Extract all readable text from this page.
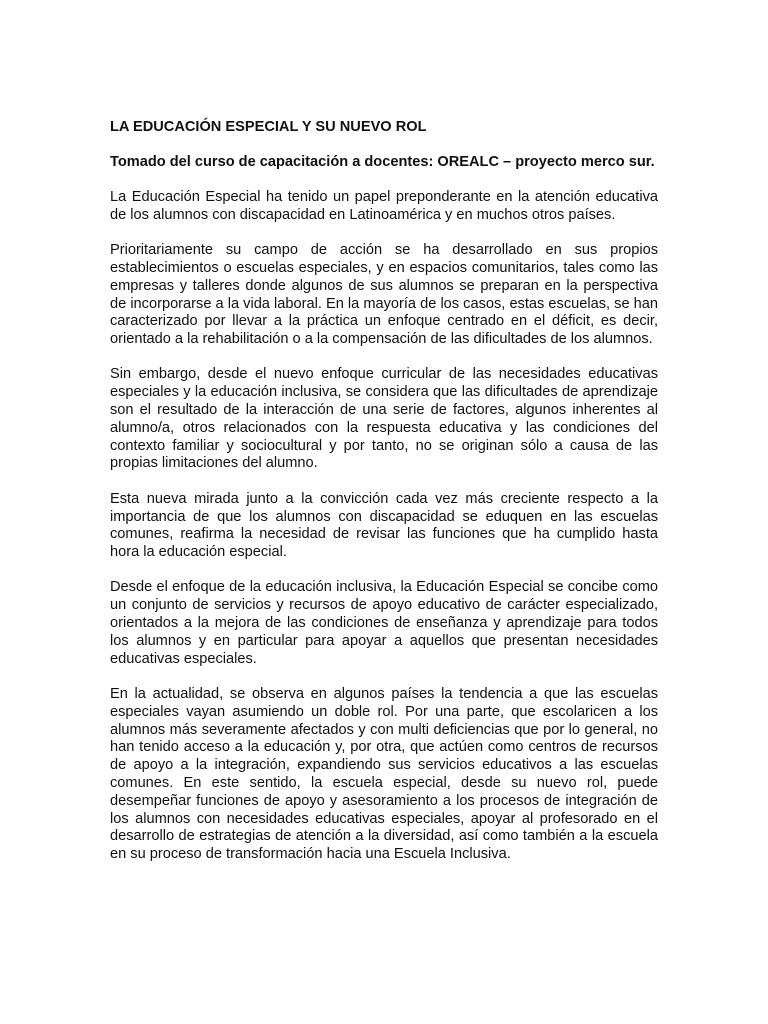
LA EDUCACIÓN ESPECIAL Y SU NUEVO ROL

Tomado del curso de capacitación a docentes: OREALC – proyecto merco sur.

La Educación Especial ha tenido un papel preponderante en la atención educativa de los alumnos con discapacidad en Latinoamérica y en muchos otros países.

Prioritariamente su campo de acción se ha desarrollado en sus propios establecimientos o escuelas especiales, y en espacios comunitarios, tales como las empresas y talleres donde algunos de sus alumnos se preparan en la perspectiva de incorporarse a la vida laboral. En la mayoría de los casos, estas escuelas, se han caracterizado por llevar a la práctica un enfoque centrado en el déficit, es decir, orientado a la rehabilitación o a la compensación de las dificultades de los alumnos.

Sin embargo, desde el nuevo enfoque curricular de las necesidades educativas especiales y la educación inclusiva, se considera que las dificultades de aprendizaje son el resultado de la interacción de una serie de factores, algunos inherentes al alumno/a, otros relacionados con la respuesta educativa y las condiciones del contexto familiar y sociocultural y por tanto, no se originan sólo a causa de las propias limitaciones del alumno.

Esta nueva mirada junto a la convicción cada vez más creciente respecto a la importancia de que los alumnos con discapacidad se eduquen en las escuelas comunes, reafirma la necesidad de revisar las funciones que ha cumplido hasta hora la educación especial.

Desde el enfoque de la educación inclusiva, la Educación Especial se concibe como un conjunto de servicios y recursos de apoyo educativo de carácter especializado, orientados a la mejora de las condiciones de enseñanza y aprendizaje para todos los alumnos y en particular para apoyar a aquellos que presentan necesidades educativas especiales.

En la actualidad, se observa en algunos países la tendencia a que las escuelas especiales vayan asumiendo un doble rol. Por una parte, que escolaricen a los alumnos más severamente afectados y con multi deficiencias que por lo general, no han tenido acceso a la educación y, por otra, que actúen como centros de recursos de apoyo a la integración, expandiendo sus servicios educativos a las escuelas comunes. En este sentido, la escuela especial, desde su nuevo rol, puede desempeñar funciones de apoyo y asesoramiento a los procesos de integración de los alumnos con necesidades educativas especiales, apoyar al profesorado en el desarrollo de estrategias de atención a la diversidad, así como también a la escuela en su proceso de transformación hacia una Escuela Inclusiva.
